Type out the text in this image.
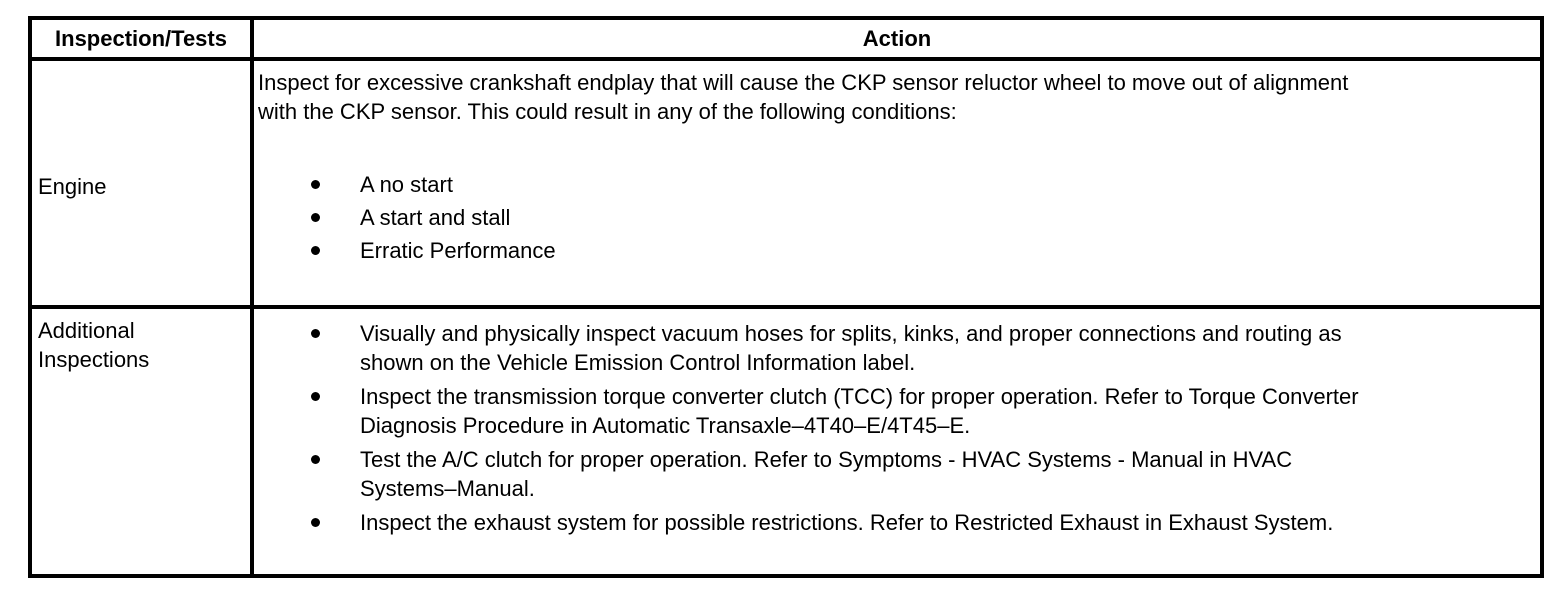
Inspection/Tests	Action
Engine
Inspect for excessive crankshaft endplay that will cause the CKP sensor reluctor wheel to move out of alignment
with the CKP sensor. This could result in any of the following conditions:
A no start
A start and stall
Erratic Performance
Additional
Inspections
Visually and physically inspect vacuum hoses for splits, kinks, and proper connections and routing as
shown on the Vehicle Emission Control Information label.
Inspect the transmission torque converter clutch (TCC) for proper operation. Refer to Torque Converter
Diagnosis Procedure in Automatic Transaxle–4T40–E/4T45–E.
Test the A/C clutch for proper operation. Refer to Symptoms - HVAC Systems - Manual in HVAC
Systems–Manual.
Inspect the exhaust system for possible restrictions. Refer to Restricted Exhaust in Exhaust System.
